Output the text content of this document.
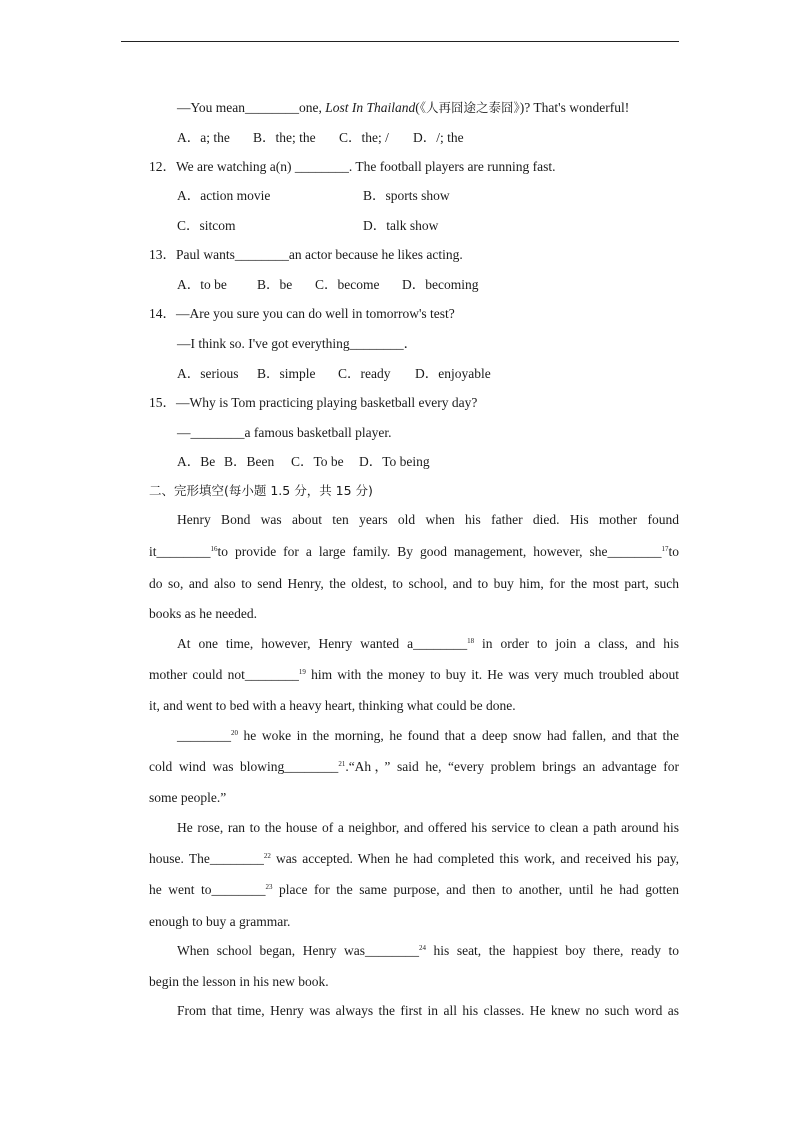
—You mean________one, Lost In Thailand(《人再囧途之泰囧》)? That's wonderful!
A．a; the B．the; the C．the; / D．/; the
12．We are watching a(n) ________. The football players are running fast.
A．action movie	B．sports show
C．sitcom	D．talk show
13．Paul wants________an actor because he likes acting.
A．to be B．be C．become D．becoming
14．—Are you sure you can do well in tomorrow's test?
—I think so. I've got everything________．
A．serious B．simple C．ready D．enjoyable
15．—Why is Tom practicing playing basketball every day?
—________a famous basketball player.
A．Be B．Been C．To be D．To being
二、完形填空(每小题 1.5 分，共 15 分)
Henry Bond was about ten years old when his father died. His mother found
it________$^{16}$to provide for a large family. By good management, however, she________$^{17}$to
do so, and also to send Henry, the oldest, to school, and to buy him, for the most part, such
books as he needed.
At one time, however, Henry wanted a________$^{18}$ in order to join a class, and his
mother could not________$^{19}$ him with the money to buy it. He was very much troubled about
it, and went to bed with a heavy heart, thinking what could be done.
________$^{20}$ he woke in the morning, he found that a deep snow had fallen, and that the
cold wind was blowing________$^{21}$.“Ah，” said he, “every problem brings an advantage for
some people.”
He rose, ran to the house of a neighbor, and offered his service to clean a path around his
house. The________$^{22}$ was accepted. When he had completed this work, and received his pay,
he went to________$^{23}$ place for the same purpose, and then to another, until he had gotten
enough to buy a grammar.
When school began, Henry was________$^{24}$ his seat, the happiest boy there, ready to
begin the lesson in his new book.
From that time, Henry was always the first in all his classes. He knew no such word as
